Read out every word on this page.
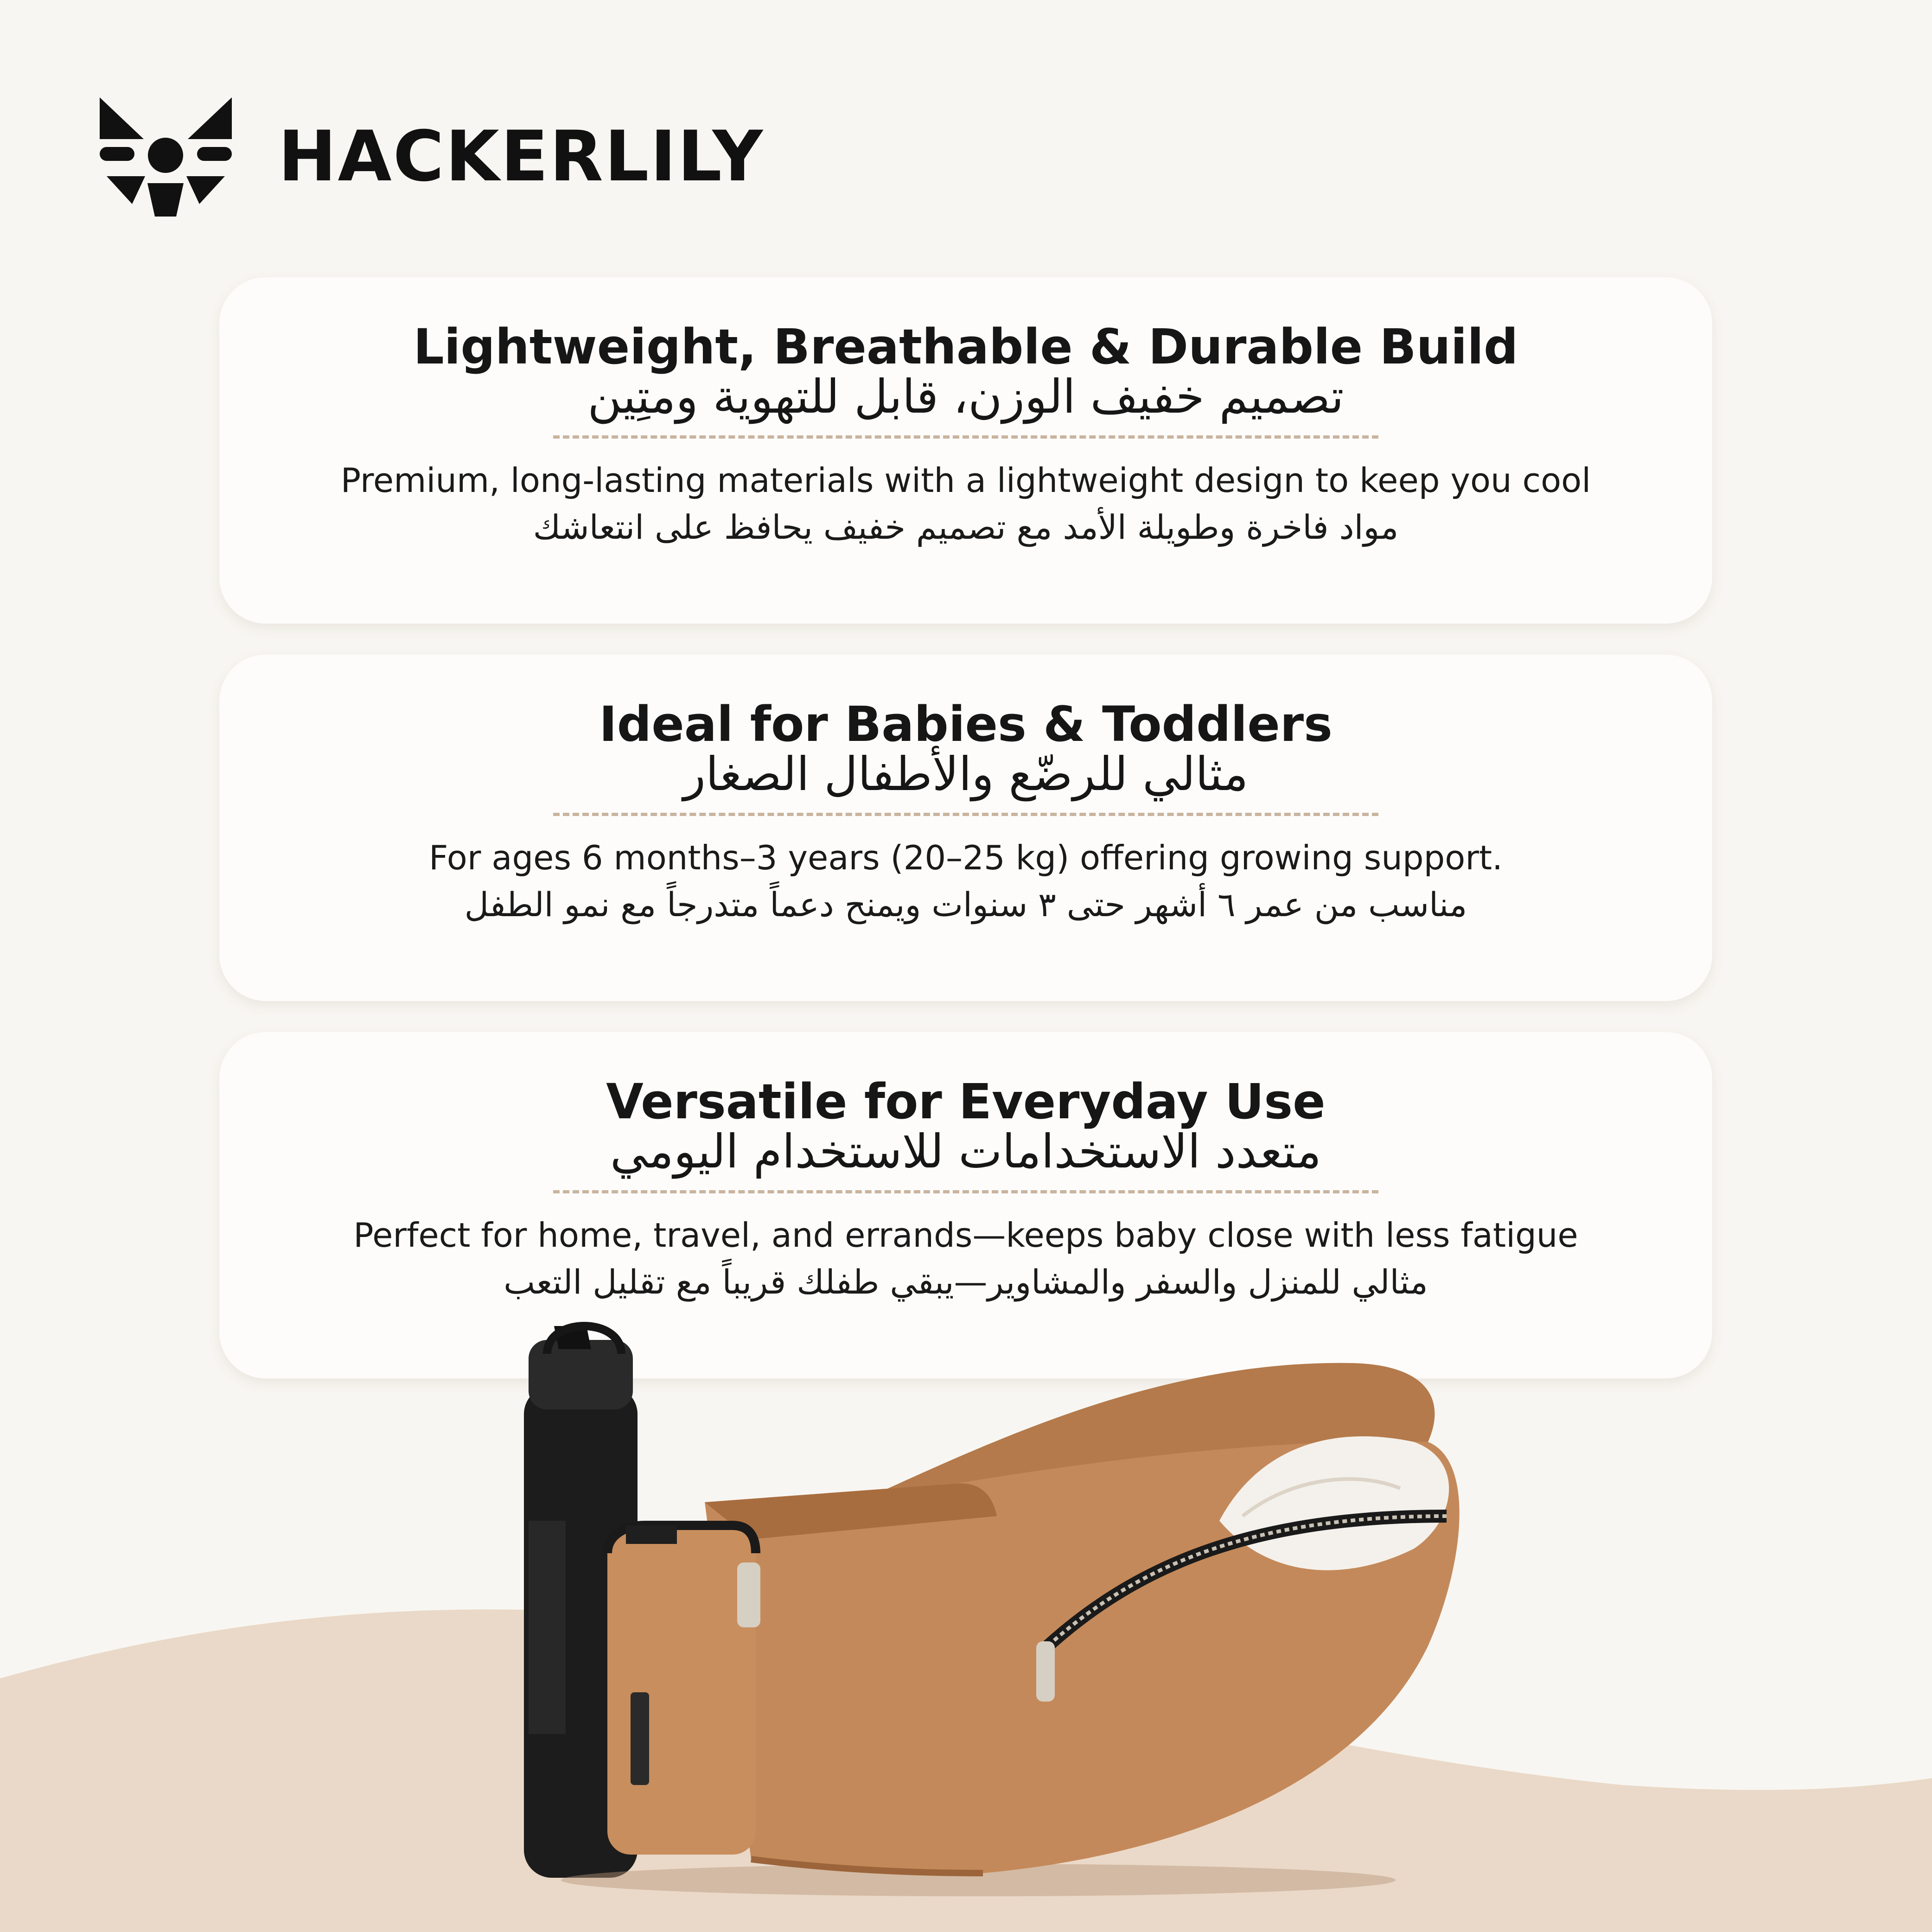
HACKERLILY
Lightweight, Breathable & Durable Build
تصميم خفيف الوزن، قابل للتهوية ومتِين
Premium, long-lasting materials with a lightweight design to keep you cool
مواد فاخرة وطويلة الأمد مع تصميم خفيف يحافظ على انتعاشك
Ideal for Babies & Toddlers
مثالي للرضّع والأطفال الصغار
For ages 6 months–3 years (20–25 kg) offering growing support.
مناسب من عمر ٦ أشهر حتى ٣ سنوات ويمنح دعماً متدرجاً مع نمو الطفل
Versatile for Everyday Use
متعدد الاستخدامات للاستخدام اليومي
Perfect for home, travel, and errands—keeps baby close with less fatigue
مثالي للمنزل والسفر والمشاوير—يبقي طفلك قريباً مع تقليل التعب
